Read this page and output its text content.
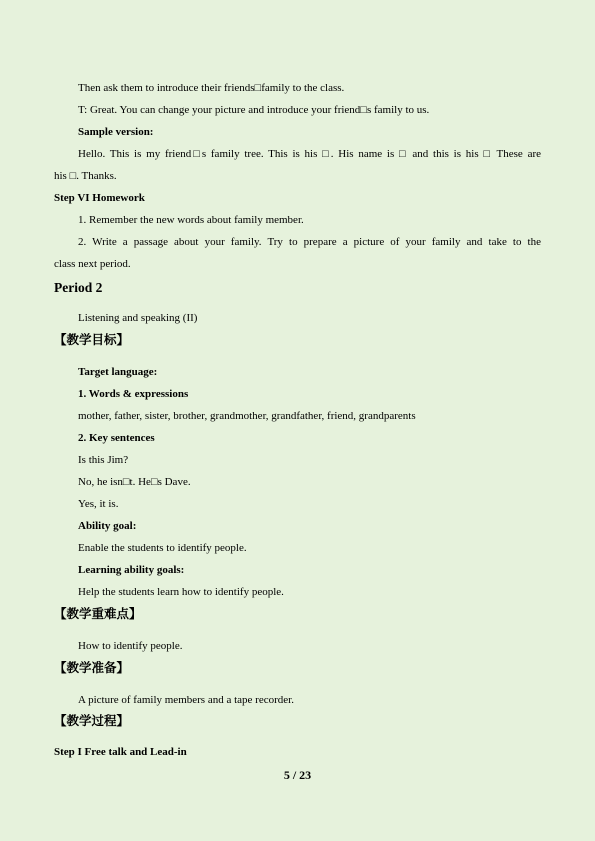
Then ask them to introduce their friends□family to the class.
T: Great. You can change your picture and introduce your friend□s family to us.
Sample version:
Hello. This is my friend□s family tree. This is his □. His name is □ and this is his □ These are
his □. Thanks.
Step VI Homework
1. Remember the new words about family member.
2. Write a passage about your family. Try to prepare a picture of your family and take to the
class next period.
Period 2
Listening and speaking (II)
【教学目标】
Target language:
1. Words & expressions
mother, father, sister, brother, grandmother, grandfather, friend, grandparents
2. Key sentences
Is this Jim?
No, he isn□t. He□s Dave.
Yes, it is.
Ability goal:
Enable the students to identify people.
Learning ability goals:
Help the students learn how to identify people.
【教学重难点】
How to identify people.
【教学准备】
A picture of family members and a tape recorder.
【教学过程】
Step I Free talk and Lead-in
5 / 23
